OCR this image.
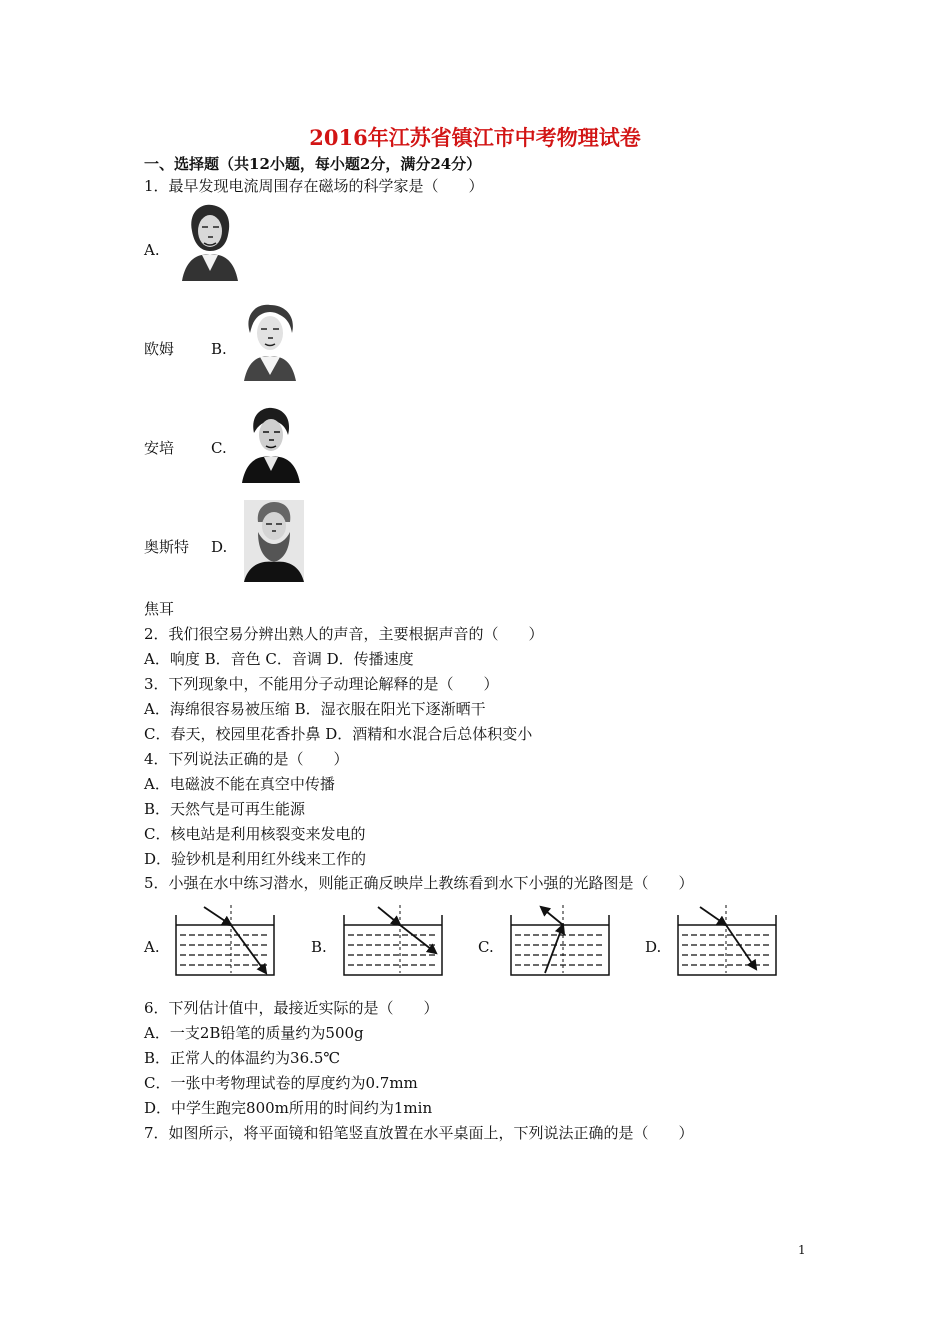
2016年江苏省镇江市中考物理试卷
一、选择题（共12小题，每小题2分，满分24分）
1．最早发现电流周围存在磁场的科学家是（　　）
A.
欧姆 B.
安培 C.
奥斯特 D.
焦耳
2．我们很空易分辨出熟人的声音，主要根据声音的（　　）
A．响度 B．音色 C．音调 D．传播速度
3．下列现象中，不能用分子动理论解释的是（　　）
A．海绵很容易被压缩 B．湿衣服在阳光下逐渐晒干
C．春天，校园里花香扑鼻 D．酒精和水混合后总体积变小
4．下列说法正确的是（　　）
A．电磁波不能在真空中传播
B．天然气是可再生能源
C．核电站是利用核裂变来发电的
D．验钞机是利用红外线来工作的
5．小强在水中练习潜水，则能正确反映岸上教练看到水下小强的光路图是（　　）
A.	B.	C.	D.
6．下列估计值中，最接近实际的是（　　）
A．一支2B铅笔的质量约为500g
B．正常人的体温约为36.5℃
C．一张中考物理试卷的厚度约为0.7mm
D．中学生跑完800m所用的时间约为1min
7．如图所示，将平面镜和铅笔竖直放置在水平桌面上，下列说法正确的是（　　）
1
